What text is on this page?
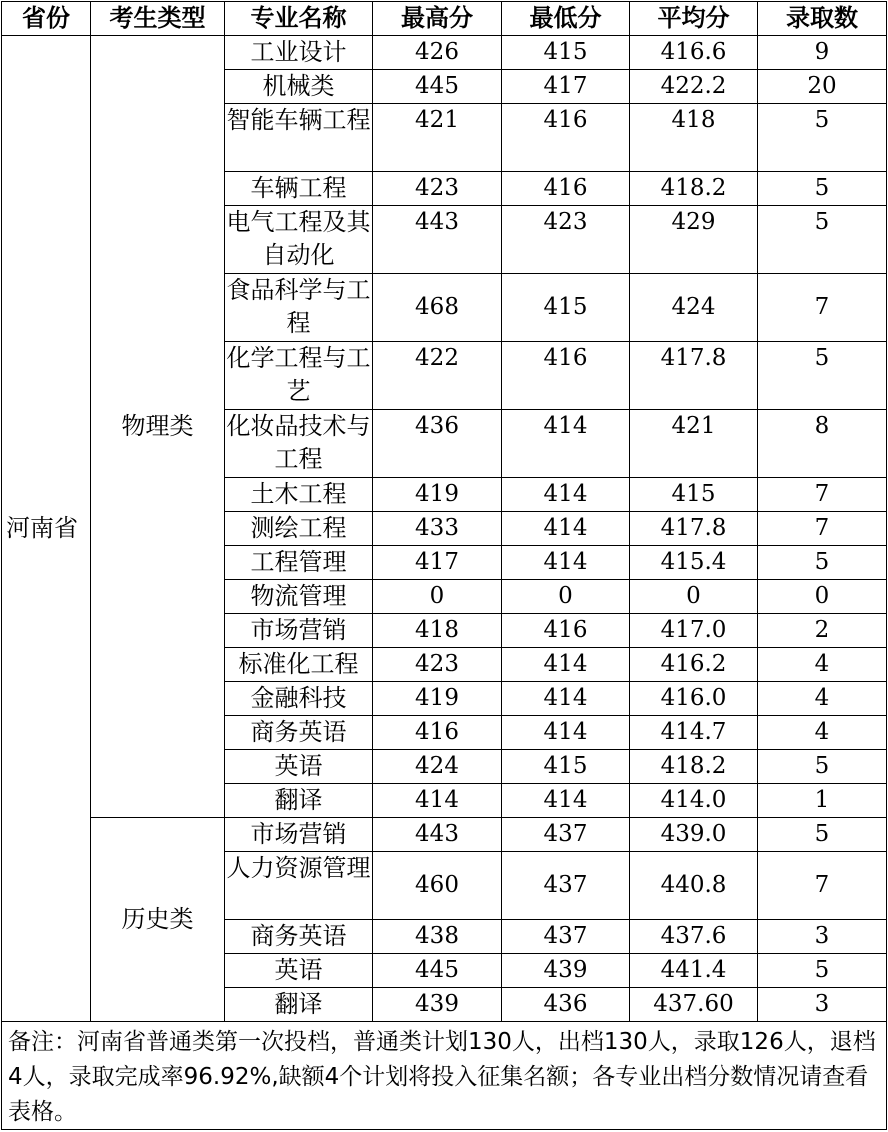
省份	考生类型	专业名称	最高分	最低分	平均分	录取数
河南省	物理类	工业设计	426	415	416.6	9
		机械类	445	417	422.2	20
		智能车辆工程	421	416	418	5
		车辆工程	423	416	418.2	5
		电气工程及其自动化	443	423	429	5
		食品科学与工程	468	415	424	7
		化学工程与工艺	422	416	417.8	5
		化妆品技术与工程	436	414	421	8
		土木工程	419	414	415	7
		测绘工程	433	414	417.8	7
		工程管理	417	414	415.4	5
		物流管理	0	0	0	0
		市场营销	418	416	417.0	2
		标准化工程	423	414	416.2	4
		金融科技	419	414	416.0	4
		商务英语	416	414	414.7	4
		英语	424	415	418.2	5
		翻译	414	414	414.0	1
	历史类	市场营销	443	437	439.0	5
		人力资源管理	460	437	440.8	7
		商务英语	438	437	437.6	3
		英语	445	439	441.4	5
		翻译	439	436	437.60	3
备注：河南省普通类第一次投档，普通类计划130人，出档130人，录取126人，退档4人，录取完成率96.92%,缺额4个计划将投入征集名额；各专业出档分数情况请查看表格。
